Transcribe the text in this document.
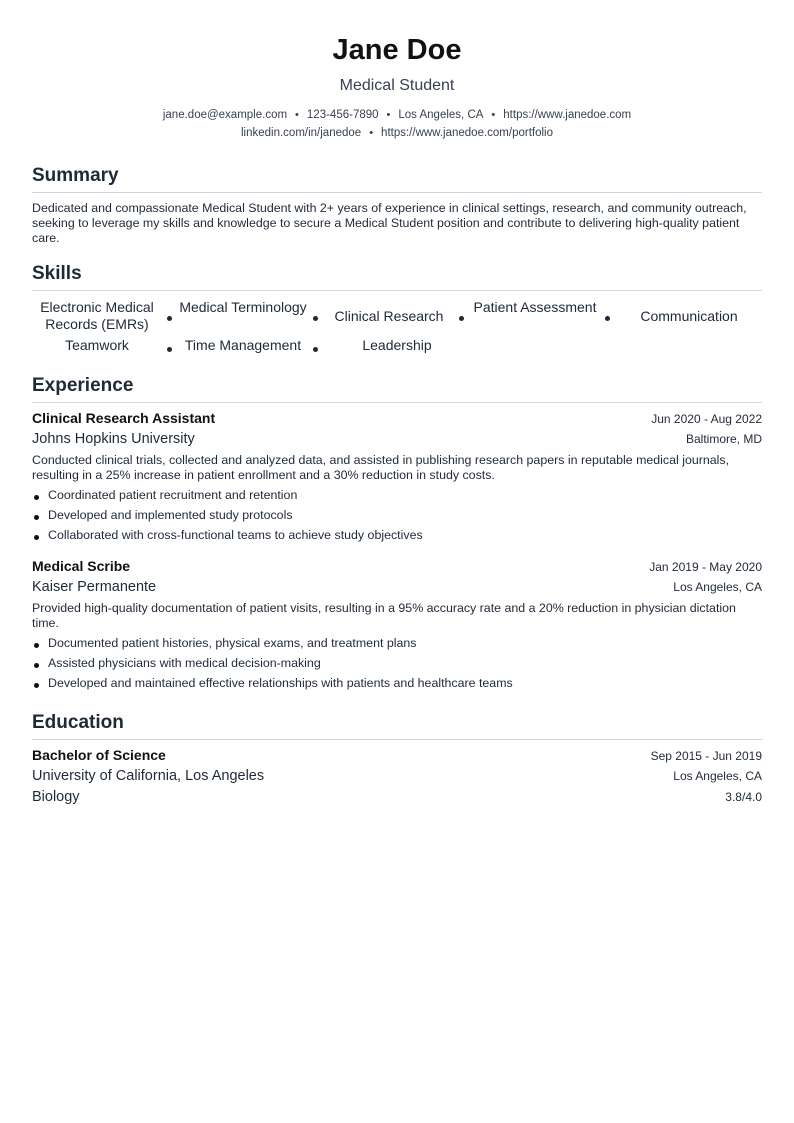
Jane Doe
Medical Student
jane.doe@example.com • 123-456-7890 • Los Angeles, CA • https://www.janedoe.com
linkedin.com/in/janedoe • https://www.janedoe.com/portfolio
Summary
Dedicated and compassionate Medical Student with 2+ years of experience in clinical settings, research, and community outreach, seeking to leverage my skills and knowledge to secure a Medical Student position and contribute to delivering high-quality patient care.
Skills
Electronic Medical Records (EMRs)
Medical Terminology
Clinical Research
Patient Assessment
Communication
Teamwork	Time Management	Leadership
Experience
Clinical Research Assistant	Jun 2020 - Aug 2022
Johns Hopkins University	Baltimore, MD
Conducted clinical trials, collected and analyzed data, and assisted in publishing research papers in reputable medical journals, resulting in a 25% increase in patient enrollment and a 30% reduction in study costs.
Coordinated patient recruitment and retention
Developed and implemented study protocols
Collaborated with cross-functional teams to achieve study objectives
Medical Scribe	Jan 2019 - May 2020
Kaiser Permanente	Los Angeles, CA
Provided high-quality documentation of patient visits, resulting in a 95% accuracy rate and a 20% reduction in physician dictation time.
Documented patient histories, physical exams, and treatment plans
Assisted physicians with medical decision-making
Developed and maintained effective relationships with patients and healthcare teams
Education
Bachelor of Science	Sep 2015 - Jun 2019
University of California, Los Angeles	Los Angeles, CA
Biology	3.8/4.0
